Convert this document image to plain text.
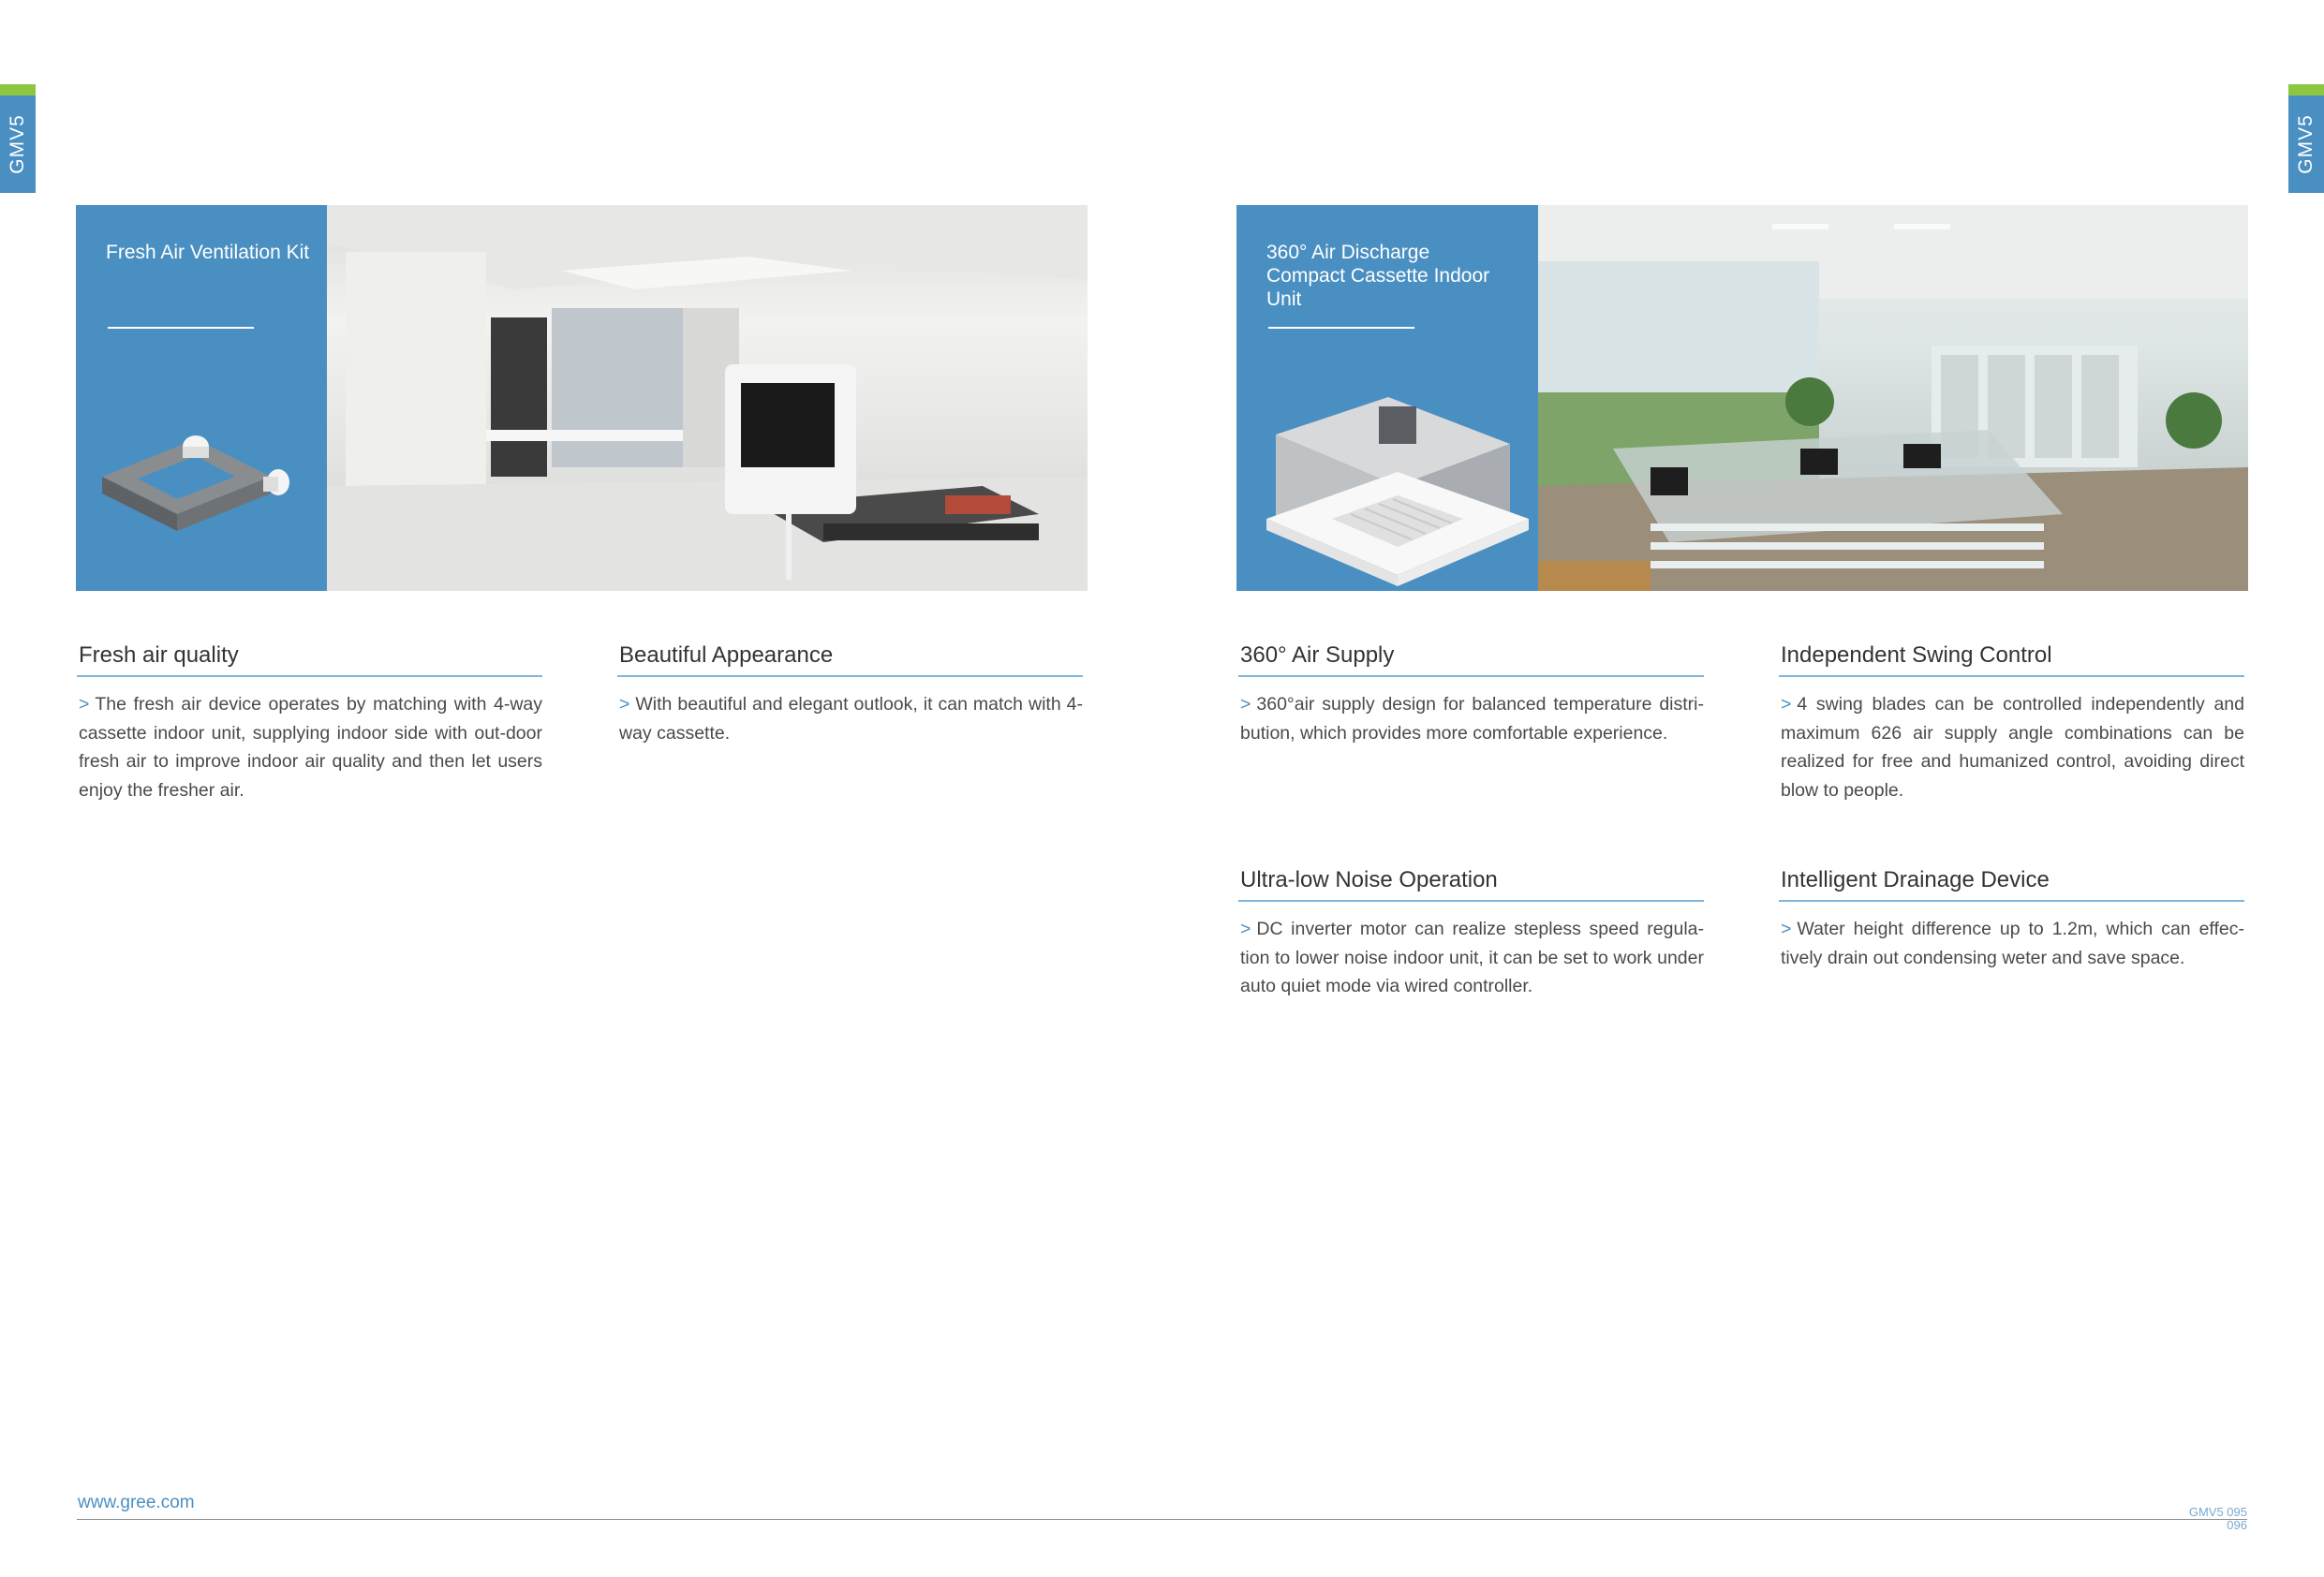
GMV5	GMV5
Fresh Air Ventilation Kit	360° Air Discharge Compact Cassette Indoor Unit
Fresh air quality
> The fresh air device operates by matching with 4-way cassette indoor unit, supplying indoor side with out-door fresh air to improve indoor air quality and then let users enjoy the fresher air.
Beautiful Appearance
> With beautiful and elegant outlook, it can match with 4-way cassette.
360° Air Supply
> 360°air supply design for balanced temperature distri-bution, which provides more comfortable experience.
Independent Swing Control
> 4 swing blades can be controlled independently and maximum 626 air supply angle combinations can be realized for free and humanized control, avoiding direct blow to people.
Ultra-low Noise Operation
> DC inverter motor can realize stepless speed regula-tion to lower noise indoor unit, it can be set to work under auto quiet mode via wired controller.
Intelligent Drainage Device
> Water height difference up to 1.2m, which can effec-tively drain out condensing weter and save space.
www.gree.com	GMV5 095
096
